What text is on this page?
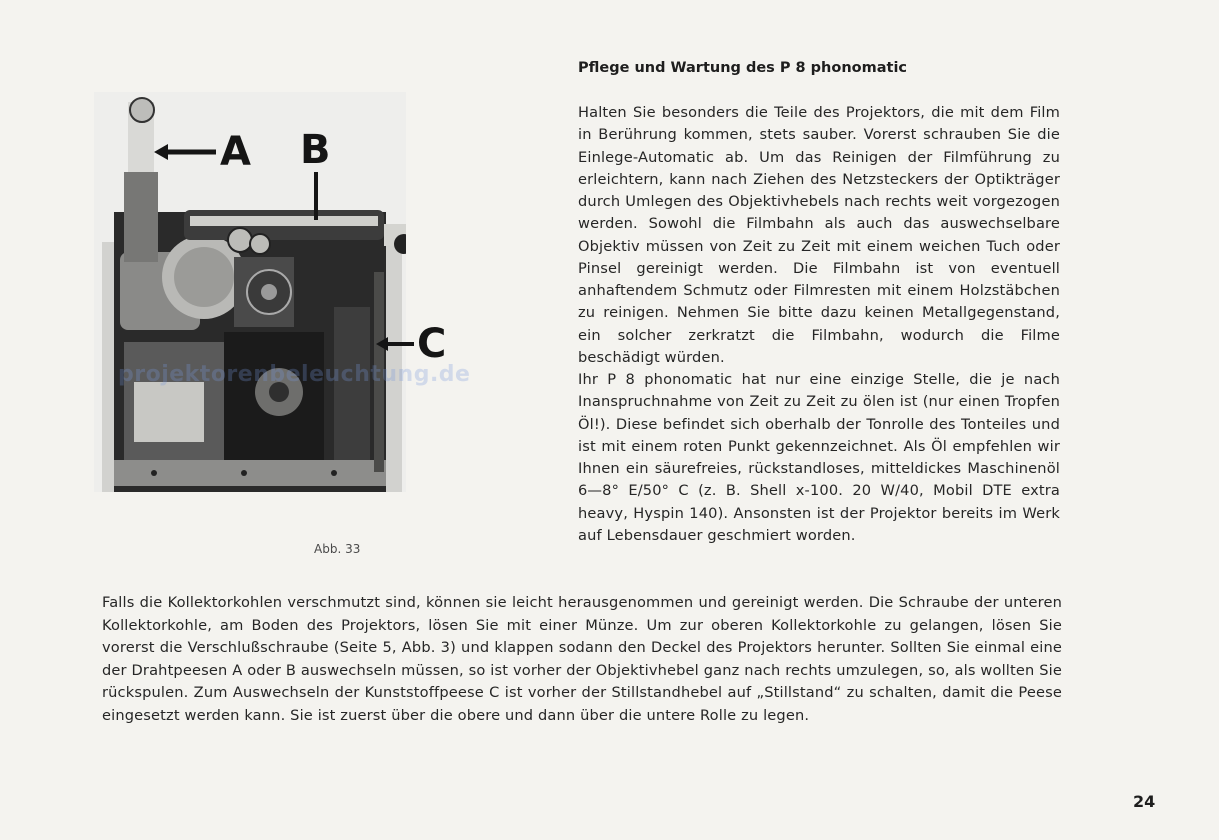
A B
C
projektorenbeleuchtung.de
Abb. 33
Pflege und Wartung des P 8 phonomatic

Halten Sie besonders die Teile des Projektors, die mit dem Film in Berührung kommen, stets sauber. Vorerst schrauben Sie die Einlege-Automatic ab. Um das Reinigen der Filmführung zu erleichtern, kann nach Ziehen des Netzsteckers der Optikträger durch Umlegen des Objektivhebels nach rechts weit vorgezogen werden. Sowohl die Filmbahn als auch das auswechselbare Objektiv müssen von Zeit zu Zeit mit einem weichen Tuch oder Pinsel gereinigt werden. Die Filmbahn ist von eventuell anhaftendem Schmutz oder Filmresten mit einem Holzstäbchen zu reinigen. Nehmen Sie bitte dazu keinen Metallgegenstand, ein solcher zerkratzt die Filmbahn, wodurch die Filme beschädigt würden.

Ihr P 8 phonomatic hat nur eine einzige Stelle, die je nach Inanspruchnahme von Zeit zu Zeit zu ölen ist (nur einen Tropfen Öl!). Diese befindet sich oberhalb der Tonrolle des Tonteiles und ist mit einem roten Punkt gekennzeichnet. Als Öl empfehlen wir Ihnen ein säurefreies, rückstandloses, mitteldickes Maschinenöl 6—8° E/50° C (z. B. Shell x-100. 20 W/40, Mobil DTE extra heavy, Hyspin 140). Ansonsten ist der Projektor bereits im Werk auf Lebensdauer geschmiert worden.

Falls die Kollektorkohlen verschmutzt sind, können sie leicht herausgenommen und gereinigt werden. Die Schraube der unteren Kollektorkohle, am Boden des Projektors, lösen Sie mit einer Münze. Um zur oberen Kollektorkohle zu gelangen, lösen Sie vorerst die Verschlußschraube (Seite 5, Abb. 3) und klappen sodann den Deckel des Projektors herunter. Sollten Sie einmal eine der Drahtpeesen A oder B auswechseln müssen, so ist vorher der Objektivhebel ganz nach rechts umzulegen, so, als wollten Sie rückspulen. Zum Auswechseln der Kunststoffpeese C ist vorher der Stillstandhebel auf „Stillstand“ zu schalten, damit die Peese eingesetzt werden kann. Sie ist zuerst über die obere und dann über die untere Rolle zu legen.
24
